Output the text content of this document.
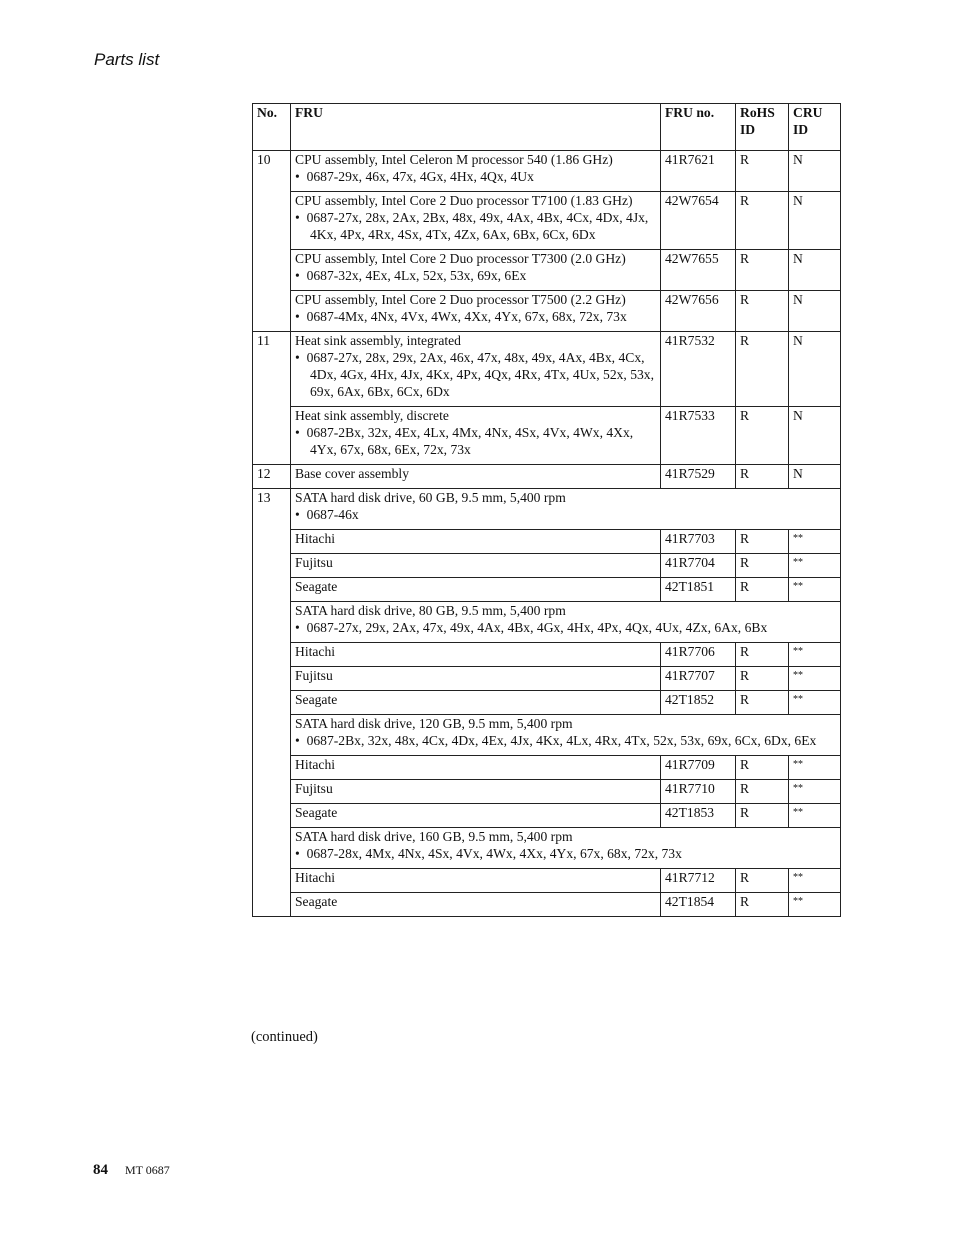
Parts list
No.	FRU	FRU no.	RoHS ID	CRU ID
10	CPU assembly, Intel Celeron M processor 540 (1.86 GHz)
• 0687-29x, 46x, 47x, 4Gx, 4Hx, 4Qx, 4Ux	41R7621	R	N

	CPU assembly, Intel Core 2 Duo processor T7100 (1.83 GHz)
• 0687-27x, 28x, 2Ax, 2Bx, 48x, 49x, 4Ax, 4Bx, 4Cx, 4Dx, 4Jx, 4Kx, 4Px, 4Rx, 4Sx, 4Tx, 4Zx, 6Ax, 6Bx, 6Cx, 6Dx	42W7654	R	N

	CPU assembly, Intel Core 2 Duo processor T7300 (2.0 GHz)
• 0687-32x, 4Ex, 4Lx, 52x, 53x, 69x, 6Ex	42W7655	R	N

	CPU assembly, Intel Core 2 Duo processor T7500 (2.2 GHz)
• 0687-4Mx, 4Nx, 4Vx, 4Wx, 4Xx, 4Yx, 67x, 68x, 72x, 73x	42W7656	R	N
11	Heat sink assembly, integrated
• 0687-27x, 28x, 29x, 2Ax, 46x, 47x, 48x, 49x, 4Ax, 4Bx, 4Cx, 4Dx, 4Gx, 4Hx, 4Jx, 4Kx, 4Px, 4Qx, 4Rx, 4Tx, 4Ux, 52x, 53x, 69x, 6Ax, 6Bx, 6Cx, 6Dx	41R7532	R	N

	Heat sink assembly, discrete
• 0687-2Bx, 32x, 4Ex, 4Lx, 4Mx, 4Nx, 4Sx, 4Vx, 4Wx, 4Xx, 4Yx, 67x, 68x, 6Ex, 72x, 73x	41R7533	R	N
12	Base cover assembly	41R7529	R	N
13	SATA hard disk drive, 60 GB, 9.5 mm, 5,400 rpm
• 0687-46x			

	Hitachi	41R7703	R	**
	Fujitsu	41R7704	R	**
	Seagate	42T1851	R	**

	SATA hard disk drive, 80 GB, 9.5 mm, 5,400 rpm
• 0687-27x, 29x, 2Ax, 47x, 49x, 4Ax, 4Bx, 4Gx, 4Hx, 4Px, 4Qx, 4Ux, 4Zx, 6Ax, 6Bx			

	Hitachi	41R7706	R	**
	Fujitsu	41R7707	R	**
	Seagate	42T1852	R	**

	SATA hard disk drive, 120 GB, 9.5 mm, 5,400 rpm
• 0687-2Bx, 32x, 48x, 4Cx, 4Dx, 4Ex, 4Jx, 4Kx, 4Lx, 4Rx, 4Tx, 52x, 53x, 69x, 6Cx, 6Dx, 6Ex			

	Hitachi	41R7709	R	**
	Fujitsu	41R7710	R	**
	Seagate	42T1853	R	**

	SATA hard disk drive, 160 GB, 9.5 mm, 5,400 rpm
• 0687-28x, 4Mx, 4Nx, 4Sx, 4Vx, 4Wx, 4Xx, 4Yx, 67x, 68x, 72x, 73x			

	Hitachi	41R7712	R	**
	Seagate	42T1854	R	**
(continued)
84 MT 0687
